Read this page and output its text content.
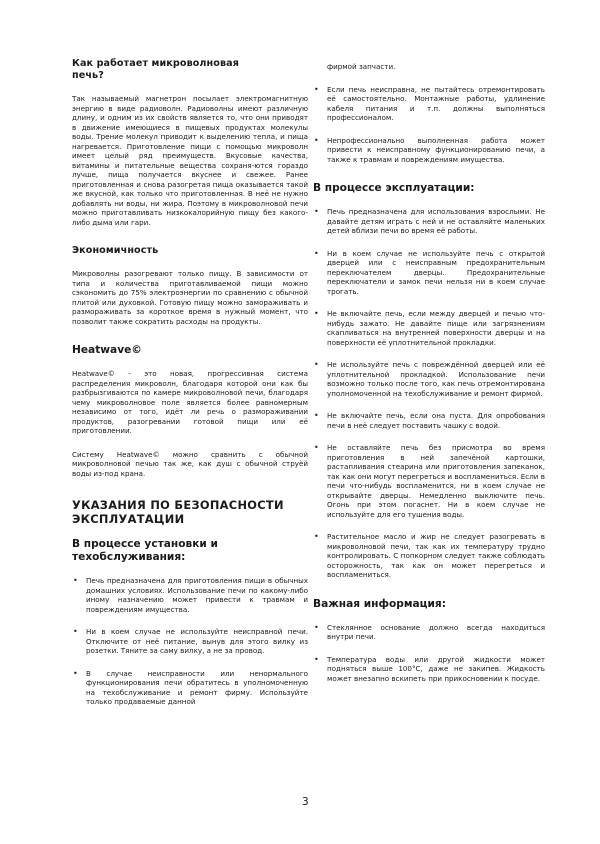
Как работает микроволновая печь?
Так называемый магнетрон посылает электромагнитную энергию в виде радиоволн. Радиоволны имеют различную длину, и одним из их свойств является то, что они приводят в движение имеющиеся в пищевых продуктах молекулы воды. Трение молекул приводит к выделению тепла, и пища нагревается. Приготовление пищи с помощью микроволн имеет целый ряд преимуществ. Вкусовые качества, витамины и питательные вещества сохраня-ются гораздо лучше, пища получается вкуснее и свежее. Ранее приготовленная и снова разогретая пища оказывается такой же вкусной, как только что приготовленная. В неё не нужно добавлять ни воды, ни жира. Поэтому в микроволновой печи можно приготавливать низкокалорийную пищу без какого-либо дыма или гари.
Экономичность
Микроволны разогревают только пищу. В зависимости от типа и количества приготавливаемой пищи можно сэкономить до 75% электроэнергии по сравнению с обычной плитой или духовкой. Готовую пищу можно замораживать и размораживать за короткое время в нужный момент, что позволит также сократить расходы на продукты.
Heatwave©
Heatwave© - это новая, прогрессивная система распределения микроволн, благодаря которой они как бы разбрызгиваются по камере микроволновой печи, благодаря чему микроволновое поле является более равномерным независимо от того, идёт ли речь о размораживании продуктов, разогревании готовой пищи или её приготовлении.
Систему Heatwave© можно сравнить с обычной микроволновой печью так же, как душ с обычной струёй воды из-под крана.
УКАЗАНИЯ ПО БЕЗОПАСНОСТИ ЭКСПЛУАТАЦИИ
В процессе установки и техобслуживания:
• Печь предназначена для приготовления пищи в обычных домашних условиях. Использование печи по какому-либо иному назначению может привести к травмам и повреждениям имущества.
• Ни в коем случае не используйте неисправной печи. Отключите от неё питание, вынув для этого вилку из розетки. Тяните за саму вилку, а не за провод.
• В случае неисправности или ненормального функционирования печи обратитесь в уполномоченную на техобслуживание и ремонт фирму. Используйте только продаваемые данной
фирмой запчасти.
• Если печь неисправна, не пытайтесь отремонтировать её самостоятельно. Монтажные работы, удлинение кабеля питания и т.п. должны выполняться профессионалом.
• Непрофессионально выполненная работа может привести к неисправному функционированию печи, а также к травмам и повреждениям имущества.
В процессе эксплуатации:
• Печь предназначена для использования взрослыми. Не давайте детям играть с ней и не оставляйте маленьких детей вблизи печи во время её работы.
• Ни в коем случае не используйте печь с открытой дверцей или с неисправным предохранительным переключателем дверцы. Предохранительные переключатели и замок печи нельзя ни в коем случае трогать.
• Не включайте печь, если между дверцей и печью что-нибудь зажато. Не давайте пище или загрязнениям скапливаться на внутренней поверхности дверцы и на поверхности её уплотнительной прокладки.
• Не используйте печь с повреждённой дверцей или её уплотнительной прокладкой. Использование печи возможно только после того, как печь отремонтирована уполномоченной на техобслуживание и ремонт фирмой.
• Не включайте печь, если она пуста. Для опробования печи в неё следует поставить чашку с водой.
• Не оставляйте печь без присмотра во время приготовления в ней запечёной картошки, растапливания стеарина или приготовления запеканок, так как они могут перегреться и воспламениться. Если в печи что-нибудь воспламенится, ни в коем случае не открывайте дверцы. Немедленно выключите печь. Огонь при этом погаснет. Ни в коем случае не используйте для его тушения воды.
• Растительное масло и жир не следует разогревать в микроволновой печи, так как их температуру трудно контролировать. С попкорном следует также соблюдать осторожность, так как он может перегреться и воспламениться.
Важная информация:
• Стеклянное основание должно всегда находиться внутри печи.
• Температура воды или другой жидкости может подняться выше 100°С, даже не закипев. Жидкость может внезапно вскипеть при прикосновении к посуде.
3
